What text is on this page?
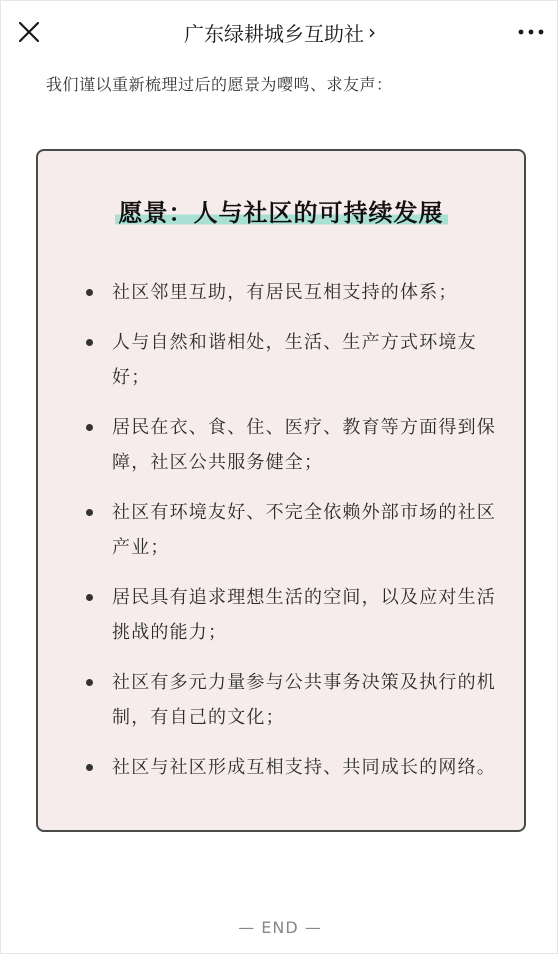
广东绿耕城乡互助社 ›
我们谨以重新梳理过后的愿景为嘤鸣、求友声：
愿景：人与社区的可持续发展
社区邻里互助，有居民互相支持的体系；
人与自然和谐相处，生活、生产方式环境友好；
居民在衣、食、住、医疗、教育等方面得到保障，社区公共服务健全；
社区有环境友好、不完全依赖外部市场的社区产业；
居民具有追求理想生活的空间，以及应对生活挑战的能力；
社区有多元力量参与公共事务决策及执行的机制，有自己的文化；
社区与社区形成互相支持、共同成长的网络。
— END —
